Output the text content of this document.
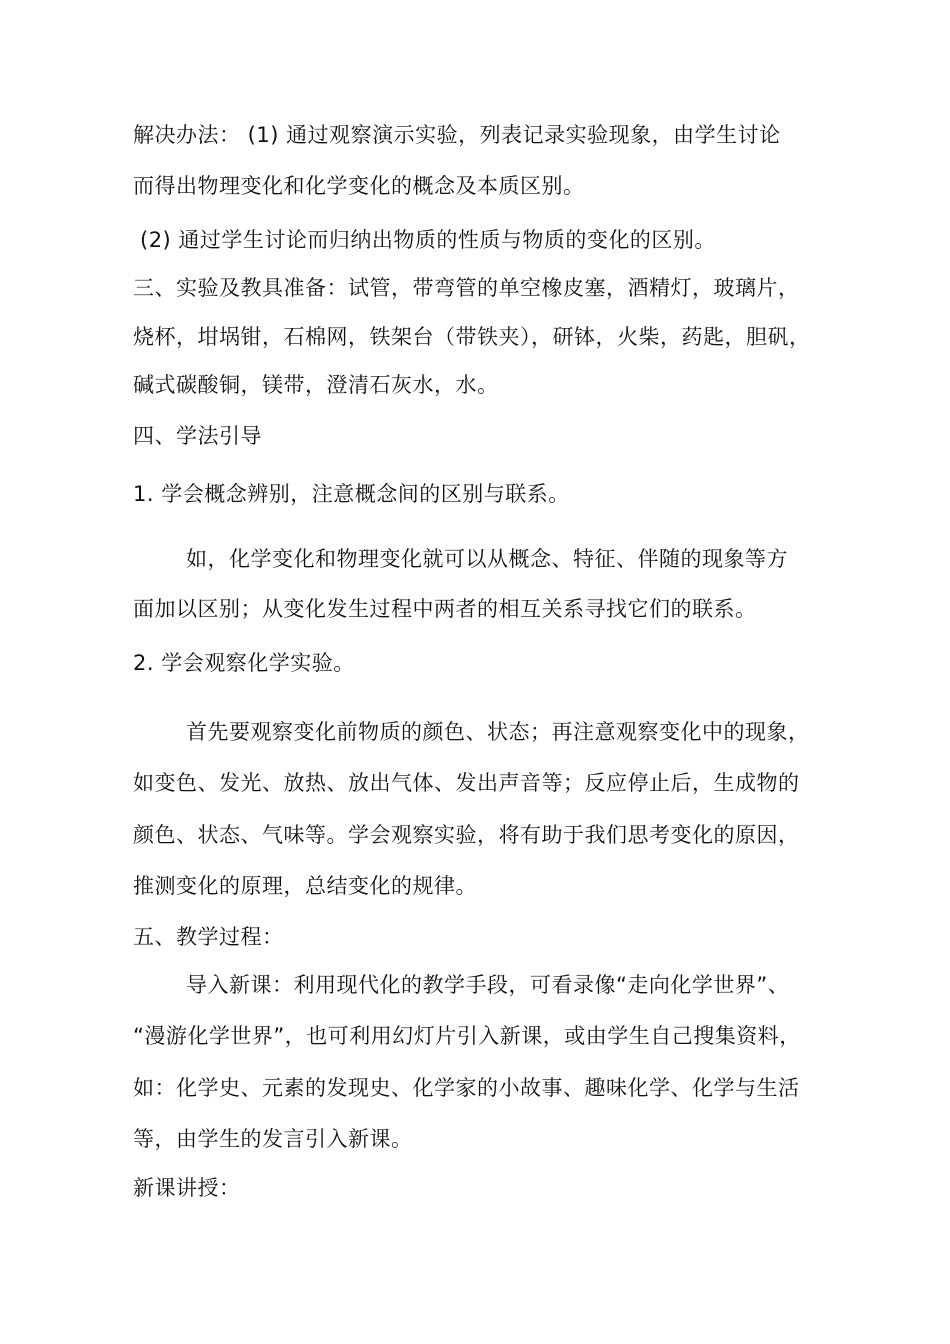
解决办法： (1) 通过观察演示实验，列表记录实验现象，由学生讨论
而得出物理变化和化学变化的概念及本质区别。
(2) 通过学生讨论而归纳出物质的性质与物质的变化的区别。
三、实验及教具准备：试管，带弯管的单空橡皮塞，酒精灯，玻璃片，
烧杯，坩埚钳，石棉网，铁架台（带铁夹），研钵，火柴，药匙，胆矾，
碱式碳酸铜，镁带，澄清石灰水，水。
四、学法引导
1. 学会概念辨别，注意概念间的区别与联系。
如，化学变化和物理变化就可以从概念、特征、伴随的现象等方
面加以区别；从变化发生过程中两者的相互关系寻找它们的联系。
2. 学会观察化学实验。
首先要观察变化前物质的颜色、状态；再注意观察变化中的现象，
如变色、发光、放热、放出气体、发出声音等；反应停止后，生成物的
颜色、状态、气味等。学会观察实验，将有助于我们思考变化的原因，
推测变化的原理，总结变化的规律。
五、教学过程：
导入新课：利用现代化的教学手段，可看录像“走向化学世界”、
“漫游化学世界”，也可利用幻灯片引入新课，或由学生自己搜集资料，
如：化学史、元素的发现史、化学家的小故事、趣味化学、化学与生活
等，由学生的发言引入新课。
新课讲授：
